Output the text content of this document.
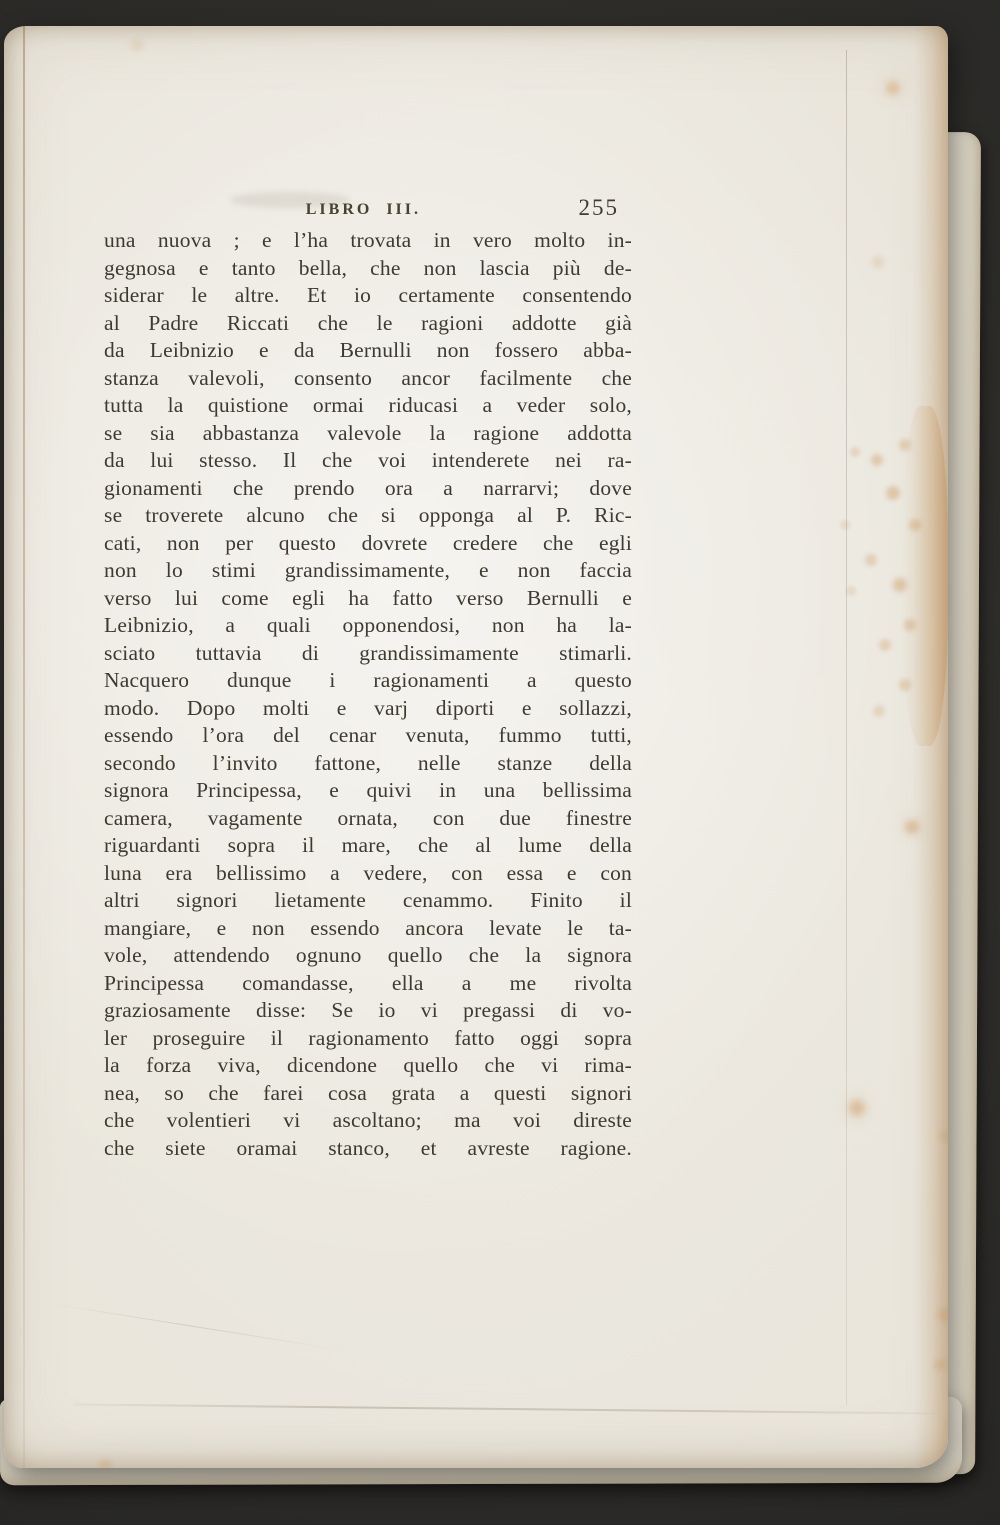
LIBRO III.	255
una nuova ; e l’ha trovata in vero molto in-
gegnosa e tanto bella, che non lascia più de-
siderar le altre. Et io certamente consentendo
al Padre Riccati che le ragioni addotte già
da Leibnizio e da Bernulli non fossero abba-
stanza valevoli, consento ancor facilmente che
tutta la quistione ormai riducasi a veder solo,
se sia abbastanza valevole la ragione addotta
da lui stesso. Il che voi intenderete nei ra-
gionamenti che prendo ora a narrarvi; dove
se troverete alcuno che si opponga al P. Ric-
cati, non per questo dovrete credere che egli
non lo stimi grandissimamente, e non faccia
verso lui come egli ha fatto verso Bernulli e
Leibnizio, a quali opponendosi, non ha la-
sciato tuttavia di grandissimamente stimarli.
Nacquero dunque i ragionamenti a questo
modo. Dopo molti e varj diporti e sollazzi,
essendo l’ora del cenar venuta, fummo tutti,
secondo l’invito fattone, nelle stanze della
signora Principessa, e quivi in una bellissima
camera, vagamente ornata, con due finestre
riguardanti sopra il mare, che al lume della
luna era bellissimo a vedere, con essa e con
altri signori lietamente cenammo. Finito il
mangiare, e non essendo ancora levate le ta-
vole, attendendo ognuno quello che la signora
Principessa comandasse, ella a me rivolta
graziosamente disse: Se io vi pregassi di vo-
ler proseguire il ragionamento fatto oggi sopra
la forza viva, dicendone quello che vi rima-
nea, so che farei cosa grata a questi signori
che volentieri vi ascoltano; ma voi direste
che siete oramai stanco, et avreste ragione.
